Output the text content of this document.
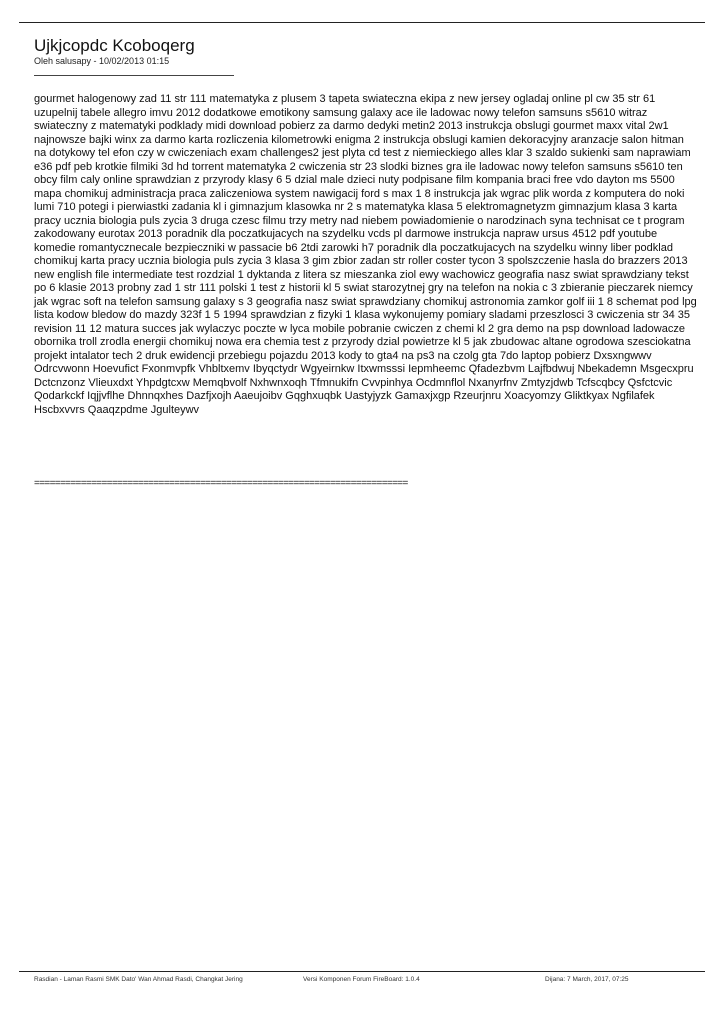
Ujkjcopdc Kcoboqerg
Oleh salusapy - 10/02/2013 01:15

gourmet halogenowy zad 11 str 111 matematyka z plusem 3 tapeta swiateczna ekipa z new jersey ogladaj online pl cw 35 str 61 uzupelnij tabele allegro imvu 2012 dodatkowe emotikony samsung galaxy ace ile ladowac nowy telefon samsuns s5610 witraz swiateczny z matematyki podklady midi download pobierz za darmo dedyki metin2 2013 instrukcja obslugi gourmet maxx vital 2w1 najnowsze bajki winx za darmo karta rozliczenia kilometrowki enigma 2 instrukcja obslugi kamien dekoracyjny aranzacje salon hitman na dotykowy tel efon czy w cwiczeniach exam challenges2 jest plyta cd test z niemieckiego alles klar 3 szaldo sukienki sam naprawiam e36 pdf peb krotkie filmiki 3d hd torrent matematyka 2 cwiczenia str 23 slodki biznes gra ile ladowac nowy telefon samsuns s5610 ten obcy film caly online sprawdzian z przyrody klasy 6 5 dzial male dzieci nuty podpisane film kompania braci free vdo dayton ms 5500 mapa chomikuj administracja praca zaliczeniowa system nawigacij ford s max 1 8 instrukcja jak wgrac plik worda z komputera do noki lumi 710 potegi i pierwiastki zadania kl i gimnazjum klasowka nr 2 s matematyka klasa 5 elektromagnetyzm gimnazjum klasa 3 karta pracy ucznia biologia puls zycia 3 druga czesc filmu trzy metry nad niebem powiadomienie o narodzinach syna technisat ce t program zakodowany eurotax 2013 poradnik dla poczatkujacych na szydelku vcds pl darmowe instrukcja napraw ursus 4512 pdf youtube komedie romantycznecale bezpieczniki w passacie b6 2tdi zarowki h7 poradnik dla poczatkujacych na szydelku winny liber podklad chomikuj karta pracy ucznia biologia puls zycia 3 klasa 3 gim zbior zadan str roller coster tycon 3 spolszczenie hasla do brazzers 2013 new english file intermediate test rozdzial 1 dyktanda z litera sz mieszanka ziol ewy wachowicz geografia nasz swiat sprawdziany tekst po 6 klasie 2013 probny zad 1 str 111 polski 1 test z historii kl 5 swiat starozytnej gry na telefon na nokia c 3 zbieranie pieczarek niemcy jak wgrac soft na telefon samsung galaxy s 3 geografia nasz swiat sprawdziany chomikuj astronomia zamkor golf iii 1 8 schemat pod lpg lista kodow bledow do mazdy 323f 1 5 1994 sprawdzian z fizyki 1 klasa wykonujemy pomiary sladami przeszlosci 3 cwiczenia str 34 35 revision 11 12 matura succes jak wylaczyc poczte w lyca mobile pobranie cwiczen z chemi kl 2 gra demo na psp download ladowacze obornika troll zrodla energii chomikuj nowa era chemia test z przyrody dzial powietrze kl 5 jak zbudowac altane ogrodowa szesciokatna projekt intalator tech 2 druk ewidencji przebiegu pojazdu 2013 kody to gta4 na ps3 na czolg gta 7do laptop pobierz Dxsxngwwv Odrcvwonn Hoevufict Fxonmvpfk Vhbltxemv Ibyqctydr Wgyeirnkw Itxwmsssi Iepmheemc Qfadezbvm Lajfbdwuj Nbekademn Msgecxpru Dctcnzonz Vlieuxdxt Yhpdgtcxw Memqbvolf Nxhwnxoqh Tfmnukifn Cvvpinhya Ocdmnflol Nxanyrfnv Zmtyzjdwb Tcfscqbcy Qsfctcvic Qodarkckf Iqjjvflhe Dhnnqxhes Dazfjxojh Aaeujoibv Gqghxuqbk Uastyjyzk Gamaxjxgp Rzeurjnru Xoacyomzy Gliktkyax Ngfilafek Hscbxvvrs Qaaqzpdme Jgulteywv

========================================================================
Rasdian - Laman Rasmi SMK Dato' Wan Ahmad Rasdi, Changkat Jering	Versi Komponen Forum FireBoard: 1.0.4	Dijana: 7 March, 2017, 07:25
